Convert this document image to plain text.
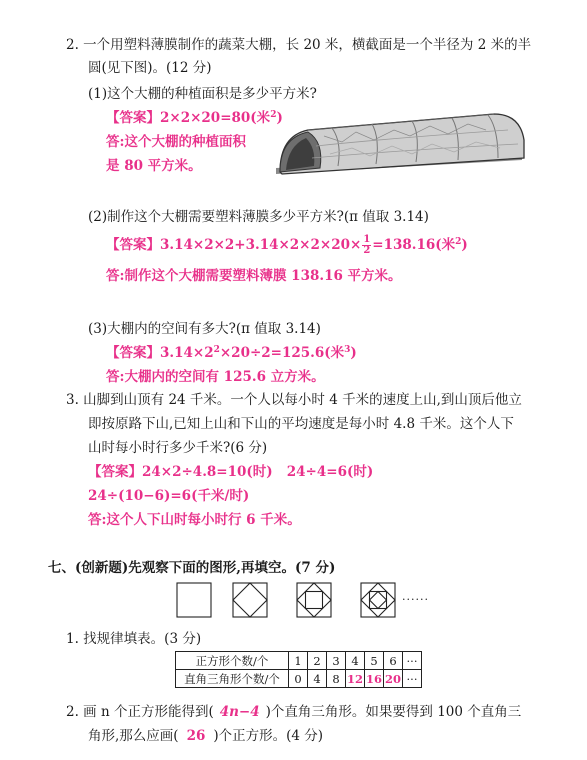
2. 一个用塑料薄膜制作的蔬菜大棚，长 20 米，横截面是一个半径为 2 米的半
圆(见下图)。(12 分)
(1)这个大棚的种植面积是多少平方米?
【答案】2×2×20=80(米$^2$)
答:这个大棚的种植面积
是 80 平方米。
(2)制作这个大棚需要塑料薄膜多少平方米?(π 值取 3.14)
【答案】$3.14\times 2\times 2+3.14\times 2\times 2\times 20\times \frac{1}{2} =138.16$(米$^2$)
答:制作这个大棚需要塑料薄膜 138.16 平方米。
(3)大棚内的空间有多大?(π 值取 3.14)
【答案】$3.14\times 2^2\times 20\div 2=125.6$(米$^3$)
答:大棚内的空间有 125.6 立方米。
3. 山脚到山顶有 24 千米。一个人以每小时 4 千米的速度上山,到山顶后他立
即按原路下山,已知上山和下山的平均速度是每小时 4.8 千米。这个人下
山时每小时行多少千米?(6 分)
【答案】24×2÷4.8=10(时)   24÷4=6(时)
24÷(10−6)=6(千米/时)
答:这个人下山时每小时行 6 千米。
七、(创新题)先观察下面的图形,再填空。(7 分)
......
1. 找规律填表。(3 分)
正方形个数/个	1	2	3	4	5	6	···
直角三角形个数/个	0	4	8	12	16	20	···
2. 画 n 个正方形能得到( 4n−4 )个直角三角形。如果要得到 100 个直角三
角形,那么应画( 26 )个正方形。(4 分)
